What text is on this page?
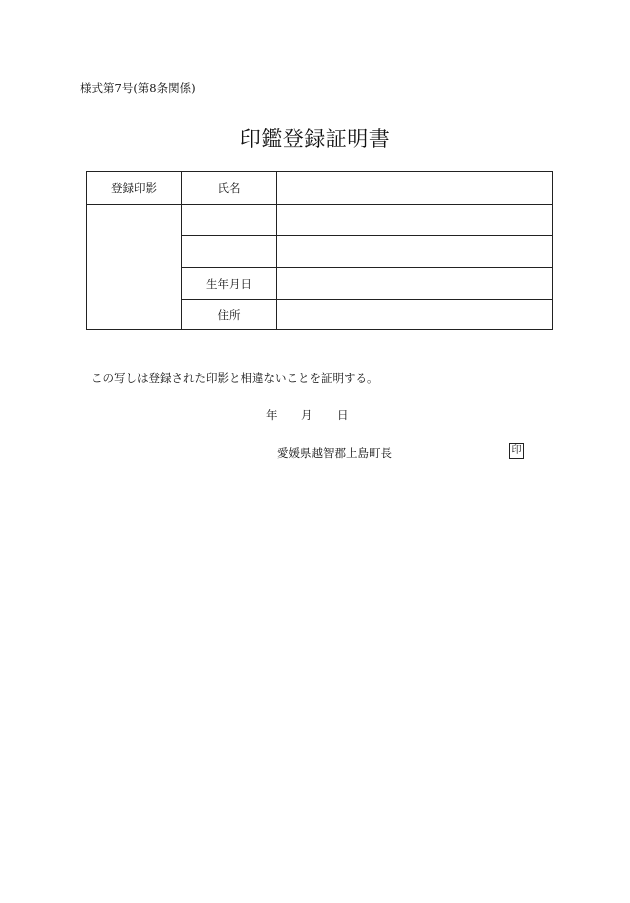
様式第7号(第8条関係)
印鑑登録証明書
登録印影	氏名	

	生年月日	
	住所	
この写しは登録された印影と相違ないことを証明する。
年 月 日
愛媛県越智郡上島町長	印
